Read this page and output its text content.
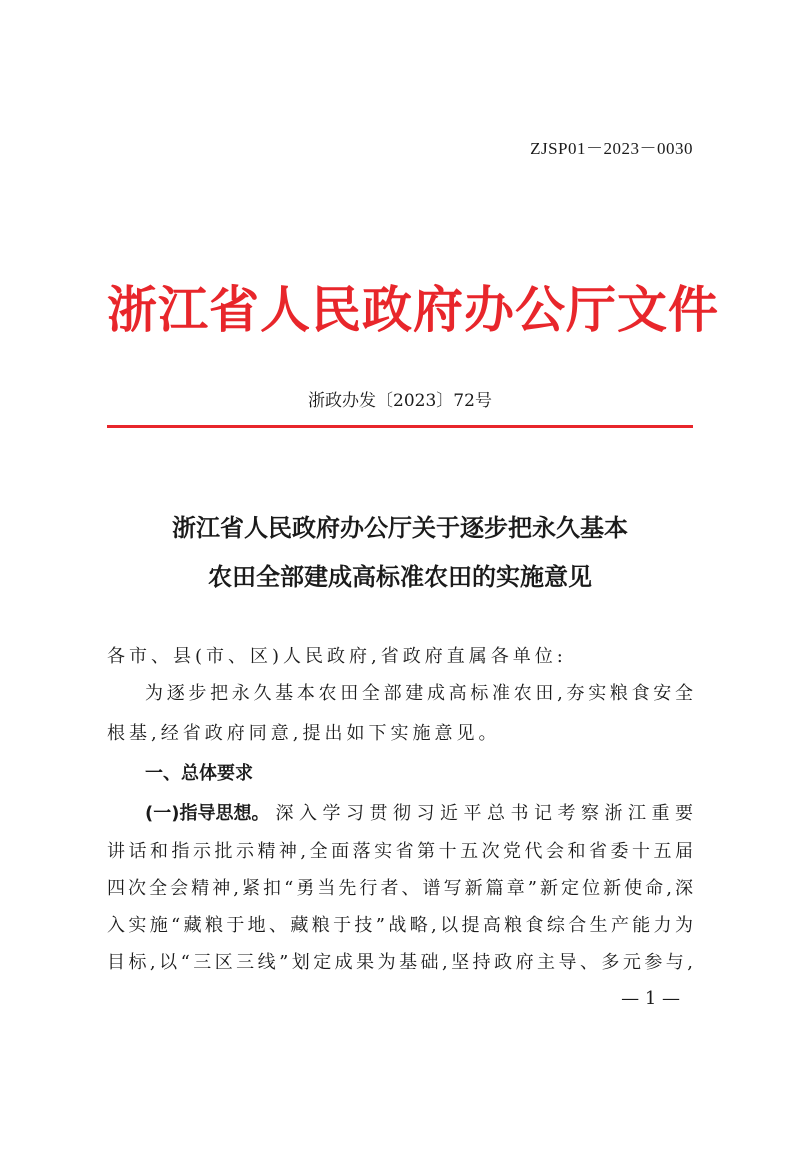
ZJSP01－2023－0030
浙江省人民政府办公厅文件
浙政办发〔2023〕72号
浙江省人民政府办公厅关于逐步把永久基本
农田全部建成高标准农田的实施意见
各市、县(市、区)人民政府,省政府直属各单位:
为逐步把永久基本农田全部建成高标准农田,夯实粮食安全
根基,经省政府同意,提出如下实施意见。
一、总体要求
(一)指导思想。 深入学习贯彻习近平总书记考察浙江重要
讲话和指示批示精神,全面落实省第十五次党代会和省委十五届
四次全会精神,紧扣“勇当先行者、谱写新篇章”新定位新使命,深
入实施“藏粮于地、藏粮于技”战略,以提高粮食综合生产能力为
目标,以“三区三线”划定成果为基础,坚持政府主导、多元参与,
— 1 —
